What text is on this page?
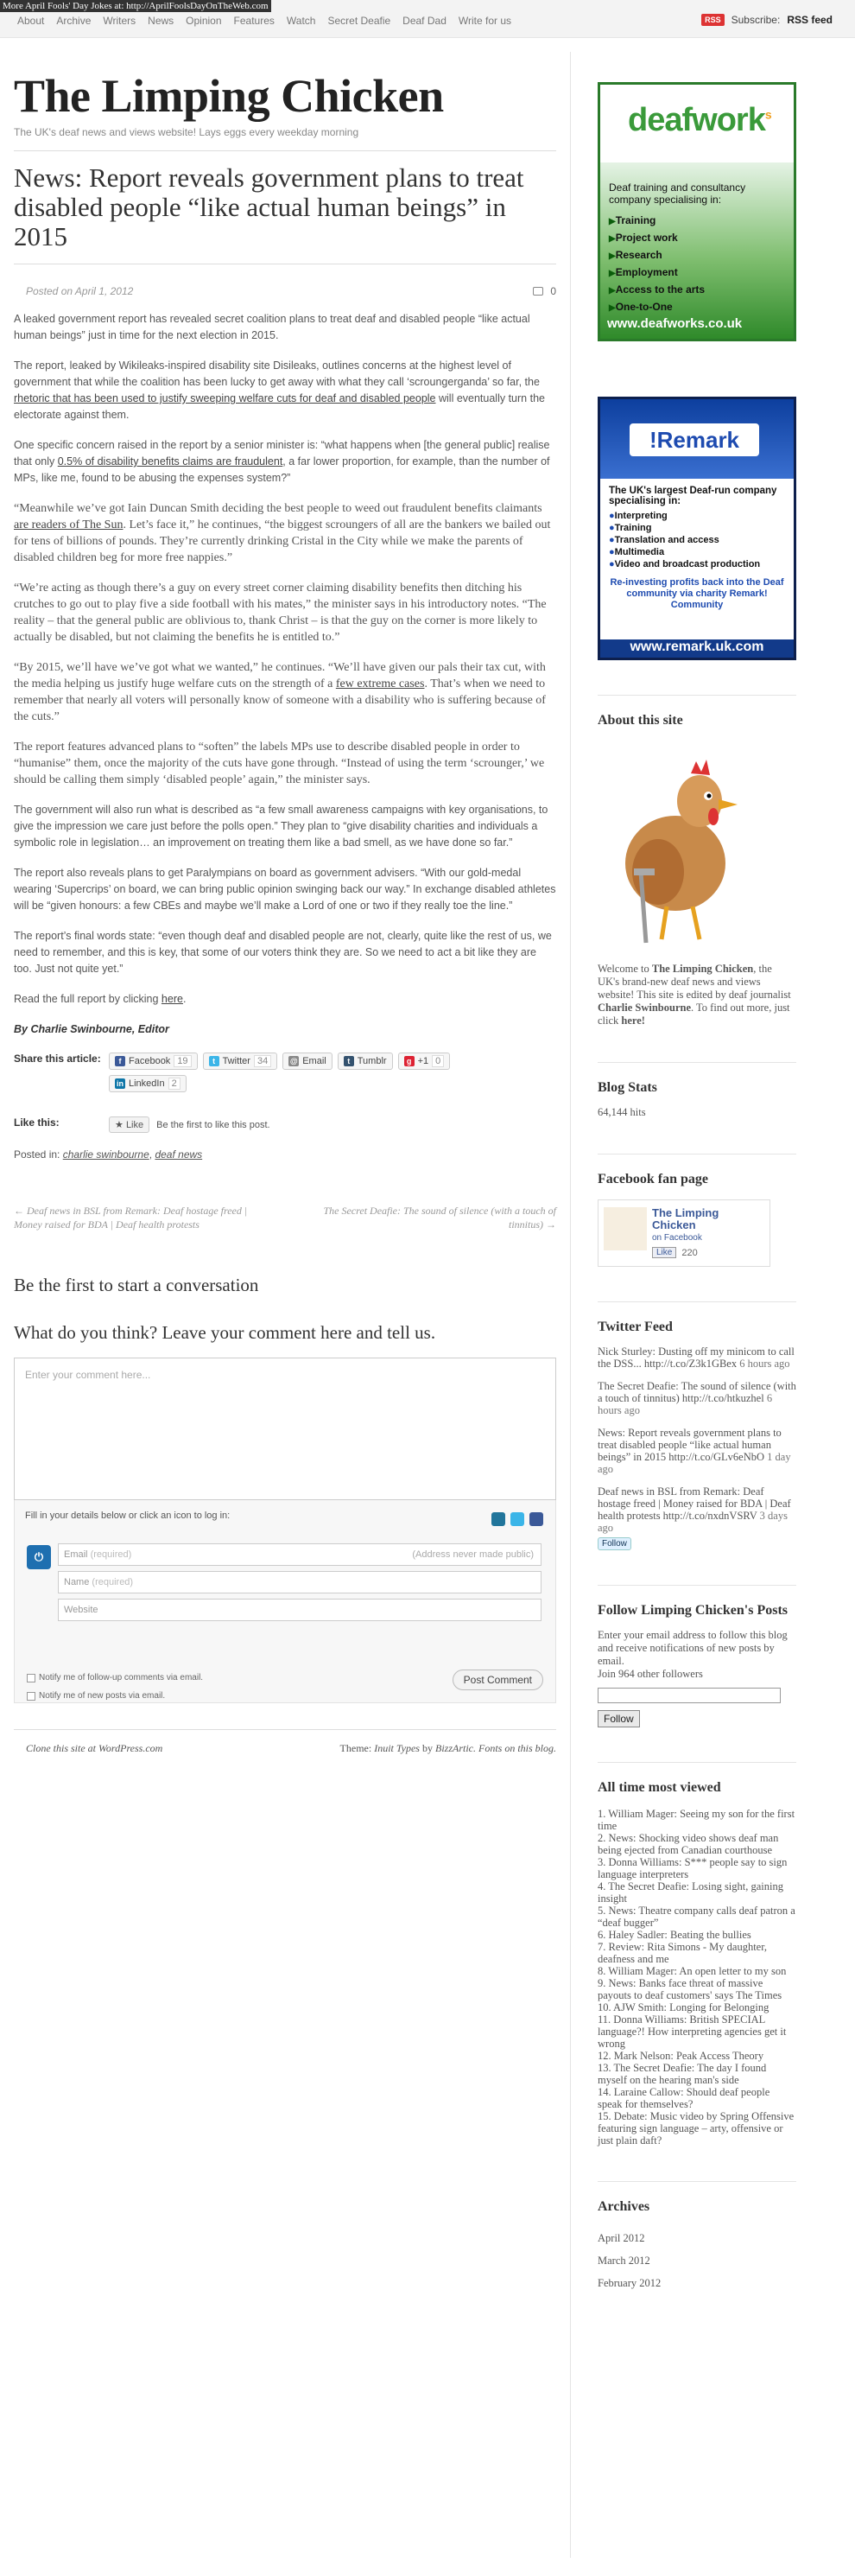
More April Fools' Day Jokes at: http://AprilFoolsDayOnTheWeb.com
About Archive Writers News Opinion Features Watch Secret Deafie Deaf Dad Write for us	RSS	Subscribe: RSS feed
The Limping Chicken
The UK's deaf news and views website! Lays eggs every weekday morning
News: Report reveals government plans to treat disabled people “like actual human beings” in 2015
Posted on April 1, 2012	0

A leaked government report has revealed secret coalition plans to treat deaf and disabled people “like actual human beings” just in time for the next election in 2015.

The report, leaked by Wikileaks-inspired disability site Disileaks, outlines concerns at the highest level of government that while the coalition has been lucky to get away with what they call ‘scroungerganda’ so far, the rhetoric that has been used to justify sweeping welfare cuts for deaf and disabled people will eventually turn the electorate against them.

One specific concern raised in the report by a senior minister is: “what happens when [the general public] realise that only 0.5% of disability benefits claims are fraudulent, a far lower proportion, for example, than the number of MPs, like me, found to be abusing the expenses system?”

“Meanwhile we’ve got Iain Duncan Smith deciding the best people to weed out fraudulent benefits claimants are readers of The Sun. Let’s face it,” he continues, “the biggest scroungers of all are the bankers we bailed out for tens of billions of pounds. They’re currently drinking Cristal in the City while we make the parents of disabled children beg for more free nappies.”

“We’re acting as though there’s a guy on every street corner claiming disability benefits then ditching his crutches to go out to play five a side football with his mates,” the minister says in his introductory notes. “The reality – that the general public are oblivious to, thank Christ – is that the guy on the corner is more likely to actually be disabled, but not claiming the benefits he is entitled to.”

“By 2015, we’ll have we’ve got what we wanted,” he continues. “We’ll have given our pals their tax cut, with the media helping us justify huge welfare cuts on the strength of a few extreme cases. That’s when we need to remember that nearly all voters will personally know of someone with a disability who is suffering because of the cuts.”

The report features advanced plans to “soften” the labels MPs use to describe disabled people in order to “humanise” them, once the majority of the cuts have gone through. “Instead of using the term ‘scrounger,’ we should be calling them simply ‘disabled people’ again,” the minister says.

The government will also run what is described as “a few small awareness campaigns with key organisations, to give the impression we care just before the polls open.” They plan to “give disability charities and individuals a symbolic role in legislation… an improvement on treating them like a bad smell, as we have done so far.”

The report also reveals plans to get Paralympians on board as government advisers. “With our gold-medal wearing ‘Supercrips’ on board, we can bring public opinion swinging back our way.” In exchange disabled athletes will be “given honours: a few CBEs and maybe we’ll make a Lord of one or two if they really toe the line.”

The report’s final words state: “even though deaf and disabled people are not, clearly, quite like the rest of us, we need to remember, and this is key, that some of our voters think they are. So we need to act a bit like they are too. Just not quite yet.”

Read the full report by clicking here.

By Charlie Swinbourne, Editor
Share this article:	f Facebook 19	t Twitter 34	@ Email	t Tumblr	g +1 0
in LinkedIn 2
Like this:	★ Like	Be the first to like this post.
Posted in: charlie swinbourne, deaf news
← Deaf news in BSL from Remark: Deaf hostage freed | Money raised for BDA | Deaf health protests
The Secret Deafie: The sound of silence (with a touch of tinnitus) →
Be the first to start a conversation
What do you think? Leave your comment here and tell us.
Enter your comment here...
Fill in your details below or click an icon to log in:
⏻	Email (required)	(Address never made public)
Name (required)
Website
Notify me of follow-up comments via email.
Notify me of new posts via email.
Post Comment
Clone this site at WordPress.com	Theme: Inuit Types by BizzArtic. Fonts on this blog.
deafwork$^s$
Deaf training and consultancy company specialising in:
▶ Training
▶ Project work
▶ Research
▶ Employment
▶ Access to the arts
▶ One-to-One
www.deafworks.co.uk
!Remark
The UK's largest Deaf-run company specialising in:
● Interpreting
● Training
● Translation and access
● Multimedia
● Video and broadcast production
Re-investing profits back into the Deaf community via charity Remark! Community
www.remark.uk.com
About this site
Welcome to The Limping Chicken, the UK's brand-new deaf news and views website! This site is edited by deaf journalist Charlie Swinbourne. To find out more, just click here!
Blog Stats
64,144 hits
Facebook fan page
The Limping Chicken
on Facebook
Like	220
Twitter Feed
Nick Sturley: Dusting off my minicom to call the DSS... http://t.co/Z3k1GBex 6 hours ago
The Secret Deafie: The sound of silence (with a touch of tinnitus) http://t.co/htkuzhel 6 hours ago
News: Report reveals government plans to treat disabled people “like actual human beings” in 2015 http://t.co/GLv6eNbO 1 day ago
Deaf news in BSL from Remark: Deaf hostage freed | Money raised for BDA | Deaf health protests http://t.co/nxdnVSRV 3 days ago
Follow
Follow Limping Chicken's Posts
Enter your email address to follow this blog and receive notifications of new posts by email.
Join 964 other followers
Follow
All time most viewed
1. William Mager: Seeing my son for the first time
2. News: Shocking video shows deaf man being ejected from Canadian courthouse
3. Donna Williams: S*** people say to sign language interpreters
4. The Secret Deafie: Losing sight, gaining insight
5. News: Theatre company calls deaf patron a “deaf bugger”
6. Haley Sadler: Beating the bullies
7. Review: Rita Simons - My daughter, deafness and me
8. William Mager: An open letter to my son
9. News: Banks face threat of massive payouts to deaf customers' says The Times
10. AJW Smith: Longing for Belonging
11. Donna Williams: British SPECIAL language?! How interpreting agencies get it wrong
12. Mark Nelson: Peak Access Theory
13. The Secret Deafie: The day I found myself on the hearing man's side
14. Laraine Callow: Should deaf people speak for themselves?
15. Debate: Music video by Spring Offensive featuring sign language – arty, offensive or just plain daft?
Archives
April 2012
March 2012
February 2012
